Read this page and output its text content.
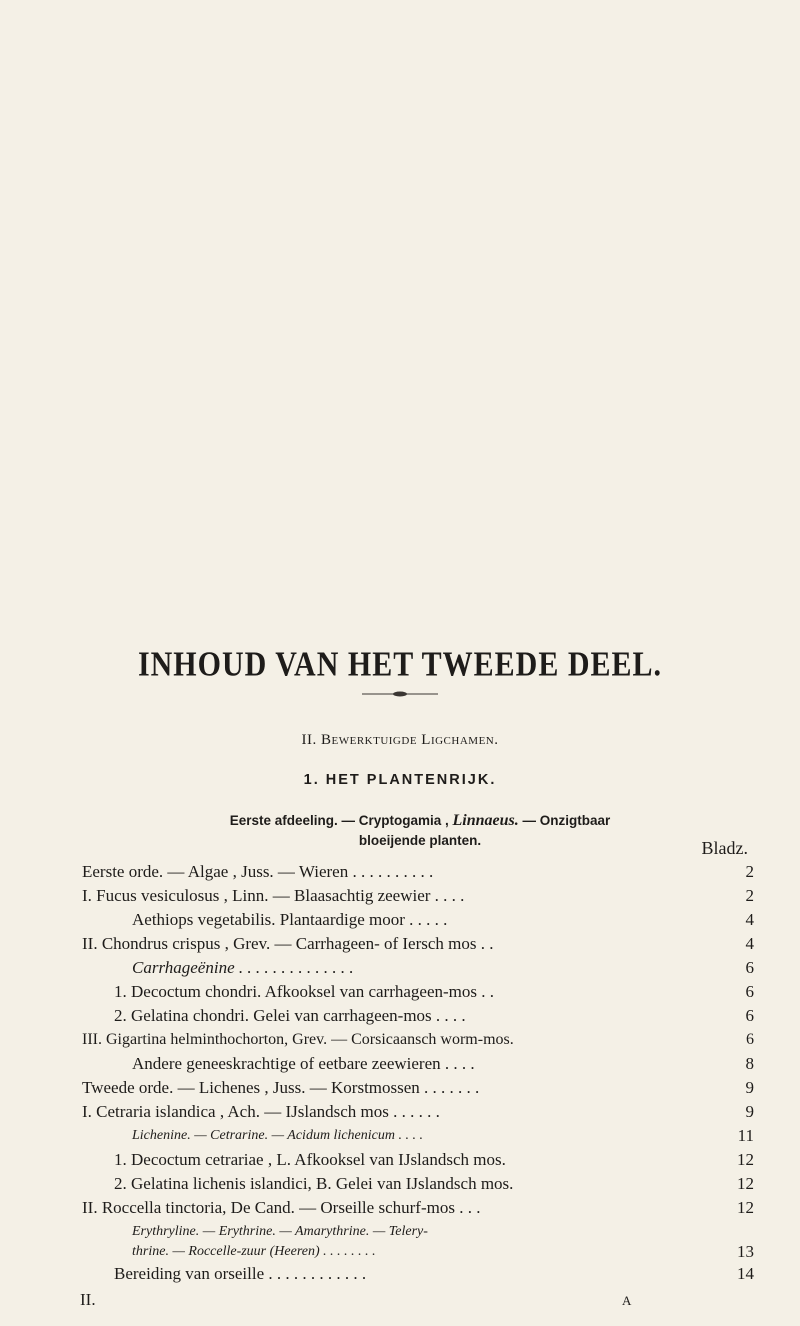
INHOUD VAN HET TWEEDE DEEL.
II. Bewerktuigde Ligchamen.
1. HET PLANTENRIJK.
Eerste afdeeling. — Cryptogamia , Linnaeus. — Onzigtbaar
bloeijende planten.	Bladz.
Eerste orde. — Algae , Juss. — Wieren . . . . . . . . . .	2
I. Fucus vesiculosus , Linn. — Blaasachtig zeewier . . . .	2
Aethiops vegetabilis. Plantaardige moor . . . . .	4
II. Chondrus crispus , Grev. — Carrhageen- of Iersch mos . .	4
Carrhageënine . . . . . . . . . . . . . .	6
1. Decoctum chondri. Afkooksel van carrhageen-mos . .	6
2. Gelatina chondri. Gelei van carrhageen-mos . . . .	6
III. Gigartina helminthochorton, Grev. — Corsicaansch worm-mos.	6
Andere geneeskrachtige of eetbare zeewieren . . . .	8
Tweede orde. — Lichenes , Juss. — Korstmossen . . . . . . .	9
I. Cetraria islandica , Ach. — IJslandsch mos . . . . . .	9
Lichenine. — Cetrarine. — Acidum lichenicum . . . .	11
1. Decoctum cetrariae , L. Afkooksel van IJslandsch mos.	12
2. Gelatina lichenis islandici, B. Gelei van IJslandsch mos.	12
II. Roccella tinctoria, De Cand. — Orseille schurf-mos . . .	12
Erythryline. — Erythrine. — Amarythrine. — Telery-
thrine. — Roccelle-zuur (Heeren) . . . . . . . .	13
Bereiding van orseille . . . . . . . . . . . .	14
II.	A
